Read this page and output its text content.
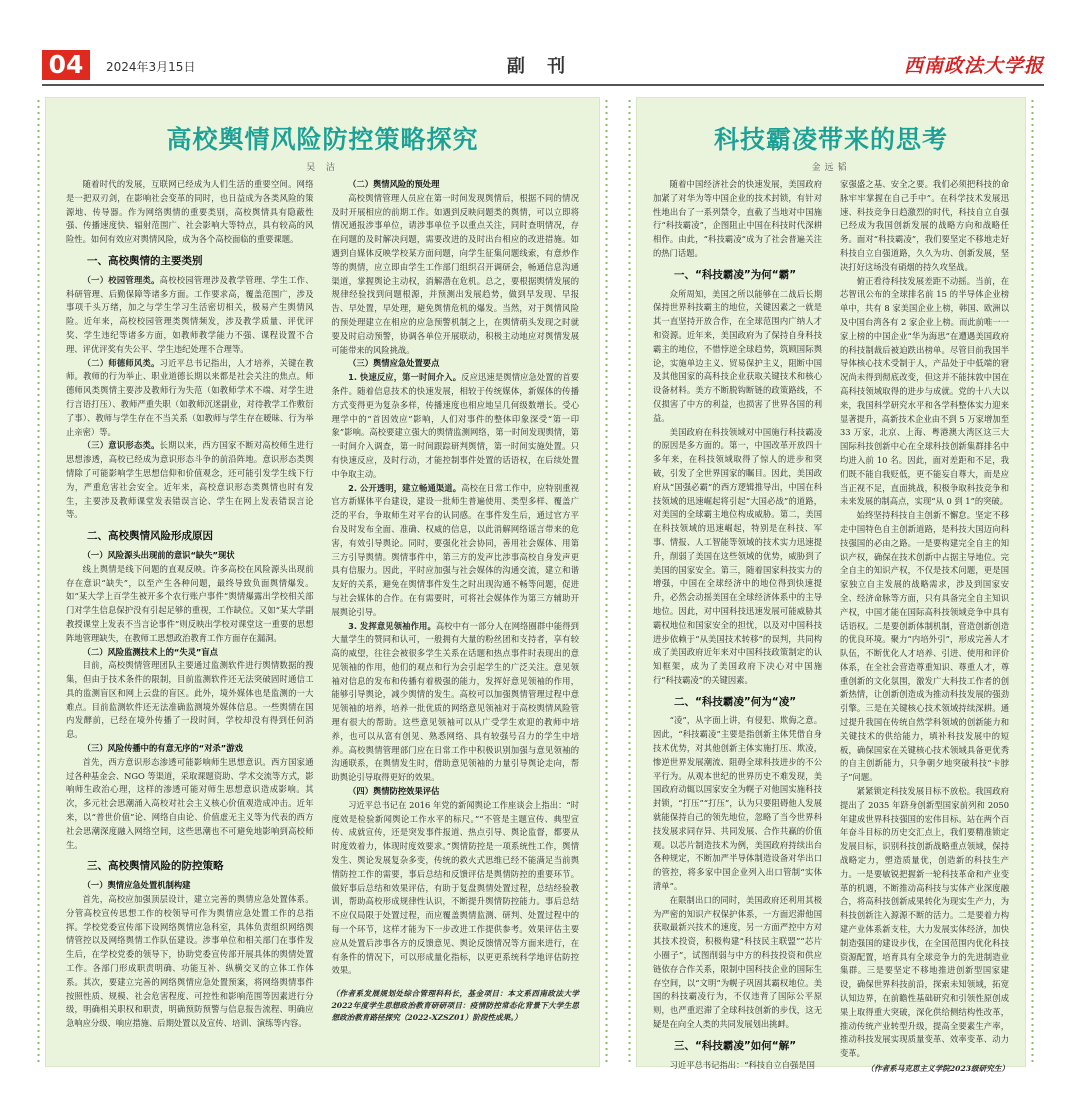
04	2024年3月15日	副 刊	西南政法大学报
高校舆情风险防控策略探究
吴 洁

随着时代的发展，互联网已经成为人们生活的重要空间。网络是一把双刃剑，在影响社会变革的同时，也日益成为各类风险的策源地、传导器。作为网络舆情的重要类别，高校舆情具有隐蔽性强、传播速度快、辐射范围广、社会影响大等特点，具有较高的风险性。如何有效应对舆情风险，成为各个高校面临的重要课题。

一、高校舆情的主要类别

（一）校园管理类。高校校园管理涉及教学管理、学生工作、科研管理、后勤保障等诸多方面。工作要求高，覆盖范围广，涉及事项千头万绪，加之与学生学习生活密切相关，极易产生舆情风险。近年来，高校校园管理类舆情频发，涉及教学质量、评优评奖、学生违纪等诸多方面，如教师教学能力不强、课程设置不合理、评优评奖有失公平、学生违纪处理不合理等。

（二）师德师风类。习近平总书记指出，人才培养，关键在教师。教师的行为举止、职业道德长期以来都是社会关注的焦点。师德师风类舆情主要涉及教师行为失范（如教师学术不端、对学生进行言语打压）、教师严重失职（如教师沉迷副业，对待教学工作敷衍了事）、教师与学生存在不当关系（如教师与学生存在暧昧、行为举止亲密）等。

（三）意识形态类。长期以来，西方国家不断对高校师生进行思想渗透，高校已经成为意识形态斗争的前沿阵地。意识形态类舆情除了可能影响学生思想信仰和价值观念，还可能引发学生线下行为，严重危害社会安全。近年来，高校意识形态类舆情也时有发生，主要涉及教师课堂发表错误言论、学生在网上发表错误言论等。

二、高校舆情风险形成原因
（一）风险源头出现前的意识“缺失”现状

线上舆情是线下问题的直观反映。许多高校在风险源头出现前存在意识“缺失”，以至产生各种问题，最终导致负面舆情爆发。如“某大学上百学生被开多个农行账户事件”舆情爆露出学校相关部门对学生信息保护没有引起足够的重视，工作缺位。又如“某大学副教授课堂上发表不当言论事件”则反映出学校对课堂这一重要的思想阵地管理缺失，在教师工思想政治教育工作方面存在漏洞。

（二）风险监测技术上的“失灵”盲点

目前，高校舆情管理团队主要通过监测软件进行舆情数据的搜集，但由于技术条件的限制，目前监测软件还无法突破固时通信工具的监测盲区和网上云盘的盲区。此外，境外媒体也是监测的一大难点。目前监测软件还无法准确监测境外媒体信息。一些舆情在国内发酵前，已经在境外传播了一段时间，学校却没有得到任何消息。

（三）风险传播中的有意无序的“对杀”游戏

首先，西方意识形态渗透可能影响师生思想意识。西方国家通过各种基金会、NGO 等渠道，采取课题资助、学术交流等方式，影响师生政治心理，这样的渗透可能对师生思想意识造成影响。其次，多元社会思潮涌入高校对社会主义核心价值观造成冲击。近年来，以“普世价值”论、网络自由论、价值虚无主义等为代表的西方社会思潮深度融入网络空间，这些思潮也不可避免地影响到高校师生。

三、高校舆情风险的防控策略
（一）舆情应急处置机制构建

首先，高校应加强顶层设计，建立完善的舆情应急处置体系。分管高校宣传思想工作的校领导可作为舆情应急处置工作的总指挥。学校党委宣传部下设网络舆情应急科室，具体负责组织网络舆情管控以及网络舆情工作队伍建设。涉事单位和相关部门在事件发生后，在学校党委的领导下，协助党委宣传部开展具体的舆情处置工作。各部门形成职责明确、功能互补、纵横交叉的立体工作体系。其次，要建立完善的网络舆情应急处置预案，将网络舆情事件按照性质、规模、社会危害程度、可控性和影响范围等因素进行分级，明确相关职权和职责，明确预防预警与信息报告流程、明确应急响应分级、响应措施、后期处置以及宣传、培训、演练等内容。

（二）舆情风险的预处理

高校舆情管理人员应在第一时间发现舆情后，根据不同的情况及时开展相应的前期工作。如遇到反映问题类的舆情，可以立即将情况通报涉事单位，请涉事单位予以重点关注，同时查明情况，存在问题的及时解决问题，需要改进的及时出台相应的改进措施。如遇到自媒体反映学校某方面问题，向学生征集问题线索，有意炒作等的舆情，应立即由学生工作部门组织召开调研会，畅通信息沟通渠道，掌握舆论主动权，消解潜在危机。总之，要根据舆情发展的规律经验找到问题根源，并预测出发展趋势，做到早发现、早报告、早处置，早处理，避免舆情危机的爆发。当然，对于舆情风险的预处理建立在相应的应急预警机制之上，在舆情萌头发现之时就要及时启动预警，协调各单位开展联动，积极主动地应对舆情发展可能带来的风险挑战。

（三）舆情应急处置要点

1. 快速反应，第一时间介入。反应迅速是舆情应急处置的首要条件。随着信息技术的快速发展，相较于传统媒体，新媒体的传播方式变得更为复杂多样，传播速度也相应地呈几何级数增长。受心理学中的“首因效应”影响，人们对事件的整体印象深受“第一印象”影响。高校要建立强大的舆情监测网络，第一时间发现舆情，第一时间介入调查，第一时间跟踪研判舆情，第一时间实施处置。只有快速反应，及时行动，才能控制事件处置的话语权，在后续处置中争取主动。

2. 公开透明，建立畅通渠道。高校在日常工作中，应特别重视官方新媒体平台建设，建设一批师生普遍使用、类型多样、覆盖广泛的平台，争取师生对平台的认同感。在事件发生后，通过官方平台及时发布全面、准确、权威的信息，以此消解网络谣言带来的危害，有效引导舆论。同时，要强化社会协同，善用社会媒体、用第三方引导舆情。舆情事件中，第三方的发声比涉事高校自身发声更具有信服力。因此，平时应加强与社会媒体的沟通交流，建立和谐友好的关系，避免在舆情事件发生之时出现沟通不畅等问题，促进与社会媒体的合作。在有需要时，可将社会媒体作为第三方辅助开展舆论引导。

3. 发挥意见领袖作用。高校中有一部分人在网络圈群中能得到大量学生的赞同和认可，一般拥有大量的粉丝团和支持者，享有较高的威望，往往会被很多学生关系在话题和热点事件时表现出的意见领袖的作用，他们的观点和行为会引起学生的广泛关注。意见领袖对信息的发布和传播有着极强的能力，发挥好意见领袖的作用，能够引导舆论，减少舆情的发生。高校可以加强舆情管理过程中意见领袖的培养，培养一批优质的网络意见领袖对于高校舆情风险管理有很大的帮助。这些意见领袖可以从广受学生欢迎的教师中培养，也可以从富有创见、熟悉网络、具有较强号召力的学生中培养。高校舆情管理部门应在日常工作中积极识别加强与意见领袖的沟通联系，在舆情发生时，借助意见领袖的力量引导舆论走向，帮助舆论引导取得更好的效果。

（四）舆情防控效果评估

习近平总书记在 2016 年党的新闻舆论工作座谈会上指出：“时度效是检验新闻舆论工作水平的标尺。”“不管是主题宣传、典型宣传、成就宣传，还是突发事件报道、热点引导、舆论监督，都要从时度效着力，体现时度效要求。”舆情防控是一项系统性工作，舆情发生、舆论发展复杂多变，传统的救火式思维已经不能满足当前舆情防控工作的需要，事后总结和反馈评估是舆情防控的重要环节。做好事后总结和效果评估，有助于复盘舆情处置过程，总结经验教训，帮助高校形成规律性认识，不断提升舆情防控能力。事后总结不应仅局限于处置过程，而应覆盖舆情监测、研判、处置过程中的每一个环节，这样才能为下一步改进工作提供参考。效果评估主要应从处置后涉事各方的反馈意见、舆论反馈情况等方面来进行，在有条件的情况下，可以形成量化指标，以更更系统科学地评估防控效果。

（作者系发展规划处综合管理科科长，基金项目：本文系西南政法大学2022年度学生思想政治教育研研项目：疫情防控常态化背景下大学生思想政治教育路径探究（2022-XZSZ01）阶段性成果。）
科技霸凌带来的思考
金远韬

随着中国经济社会的快速发展，美国政府加紧了对华为等中国企业的技术封锁，有针对性地出台了一系列禁令，直截了当地对中国施行“科技霸凌”，企图阻止中国在科技时代深耕相作。由此，“科技霸凌”成为了社会普遍关注的热门话题。

一、“科技霸凌”为何“霸”

众所周知，美国之所以能够在二战后长期保持世界科技霸主的地位，关键因素之一就是其一直坚持开放合作，在全球范围内广纳人才和资源。近年来，美国政府为了保持自身科技霸主的地位，不惜悖逆全球趋势，筑顾国际舆论，实施单边主义、贸易保护主义，阻断中国及其他国家的高科技企业获取关键技术和核心设备材料。美方不断脱钩断链的政策路线，不仅损害了中方的利益，也损害了世界各国的利益。

美国政府在科技领域对中国施行科技霸凌的原因是多方面的。第一，中国改革开放四十多年来，在科技领域取得了惊人的进步和突破，引发了全世界国家的瞩目。因此，美国政府从“国强必霸”的西方逻辑推导出，中国在科技领域的迅速崛起将引起“大国必战”的道路，对美国的全球霸主地位构成威胁。第二，美国在科技领域的迅速崛起，特别是在科技、军事、情报、人工智能等领域的技术实力迅速提升，削弱了美国在这些领域的优势，威胁到了美国的国家安全。第三，随着国家科技实力的增强，中国在全球经济中的地位得到快速提升，必然会动摇美国在全球经济体系中的主导地位。因此，对中国科技迅速发展可能威胁其霸权地位和国家安全的担忧，以及对中国科技进步依赖于“从美国技术转移”的误判，共同构成了美国政府近年来对中国科技政策制定的认知框架，成为了美国政府下决心对中国施行“科技霸凌”的关键因素。

二、“科技霸凌”何为“凌”

“凌”，从字面上讲，有侵犯、欺侮之意。因此，“科技霸凌”主要是指创新主体凭借自身技术优势，对其他创新主体实施打压、欺凌，惨逆世界发展潮流、阻碍全球科技进步的不公平行为。从观本世纪的世界历史不难发现，美国政府动辄以国家安全为幌子对他国实施科技封锁，“打压”“打压”，认为只要阻碍他人发展就能保持自己的领先地位，忽略了当今世界科技发展求同存异、共同发展、合作共赢的价值观。以芯片制造技术为例，美国政府持续出台各种规定，不断加严半导体制造设备对华出口的管控，将多家中国企业列入出口管制“实体清单”。

在限制出口的同时，美国政府还利用其极为严密的知识产权保护体系，一方面迟滞他国获取最新兴技术的速度，另一方面严控中方对其技术投资，积极构建“科技民主联盟”“芯片小圈子”，试图削弱与中方的科技投资和供应链依存合作关系，限制中国科技企业的国际生存空间，以“文明”为幌子巩固其霸权地位。美国的科技霸凌行为，不仅违背了国际公平原则，也严重迟滞了全球科技创新的步伐，这无疑是在向全人类的共同发展划出挑衅。

三、“科技霸凌”如何“解”

习近平总书记指出：“科技自立自强是国

家强盛之基、安全之要。我们必须把科技的命脉牢牢掌握在自己手中”。在科学技术发展迅速、科技竞争日趋激烈的时代，科技自立自强已经成为我国创新发展的战略方向和战略任务。面对“科技霸凌”，我们要坚定不移地走好科技自立自强道路，久久为功、创新发展，坚决打好这场没有硝烟的持久攻坚战。

俯正看待科技发展差距不动摇。当前，在芯智讯公布的全球排名前 15 的半导体企业榜单中，共有 8 家美国企业上榜，韩国、欧洲以及中国台湾各有 2 家企业上榜。而此前唯一一家上榜的中国企业“华为海思”在遭遇美国政府的科技制裁后被迫跌出榜单。尽管目前我国半导体核心技术受制于人，产品处于中低端的窘况尚未得到彻底改变，但这并不能抹敦中国在高科技领域取得的进步与成就。党的十八大以来，我国科学研究水平和各学科整体实力迎来显著提升，高新技术企业由不到 5 万家增加至 33 万家，北京、上海、粤港澳大湾区这三大国际科技创新中心在全球科技创新集群排名中均进入前 10 名。因此，面对差距和不足，我们既不能自我贬低，更不能妄自尊大，而是应当正视不足，直面挑战，积极争取科技竞争和未来发展的制高点，实现“从 0 到 1”的突破。

始终坚持科技自主创新不懈怠。坚定不移走中国特色自主创新道路，是科技大国迈向科技强国的必由之路。一是要构建完全自主的知识产权，确保在技术创新中占据主导地位。完全自主的知识产权，不仅是技术问题，更是国家独立自主发展的战略需求，涉及到国家安全、经济命脉等方面，只有具备完全自主知识产权，中国才能在国际高科技领域竞争中具有话语权。二是要创新体制机制，营造创新创造的优良环境。聚力“内培外引”，形成完善人才队伍，不断优化人才培养、引进、使用和评价体系，在全社会营造尊重知识、尊重人才，尊重创新的文化氛围，激发广大科技工作者的创新热情，让创新创造成为推动科技发展的强劲引擎。三是在关键核心技术领域持续深耕。通过提升我国在传统自然学科领域的创新能力和关键技术的供给能力，填补科技发展中的短板，确保国家在关键核心技术领域具备更优秀的自主创新能力，只争朝夕地突破科技“卡脖子”问题。

紧紧锁定科技发展目标不放松。我国政府提出了 2035 年跻身创新型国家前列和 2050 年建成世界科技强国的宏伟目标。站在两个百年奋斗目标的历史交汇点上，我们要精准锁定发展目标，识别科技创新战略重点领域，保持战略定力，塑造质量优，创造新的科技生产力。一是要敏锐把握新一轮科技革命和产业变革的机遇，不断推动高科技与实体产业深度融合，将高科技创新成果转化为现实生产力，为科技创新注入源源不断的活力。二是要着力构建产业体系新支柱，大力发展实体经济，加快制造强国的建设步伐，在全国范围内优化科技资源配置，培育具有全球竞争力的先进制造业集群。三是要坚定不移地推进创新型国家建设，确保世界科技前沿，探索未知领域，拓宽认知边界，在前瞻性基础研究和引领性原创成果上取得重大突破，深化供给侧结构性改革，推动传统产业转型升级，提高全要素生产率，推动科技发展实现质量变革、效率变革、动力变革。

（作者系马克思主义学院2023级研究生）
